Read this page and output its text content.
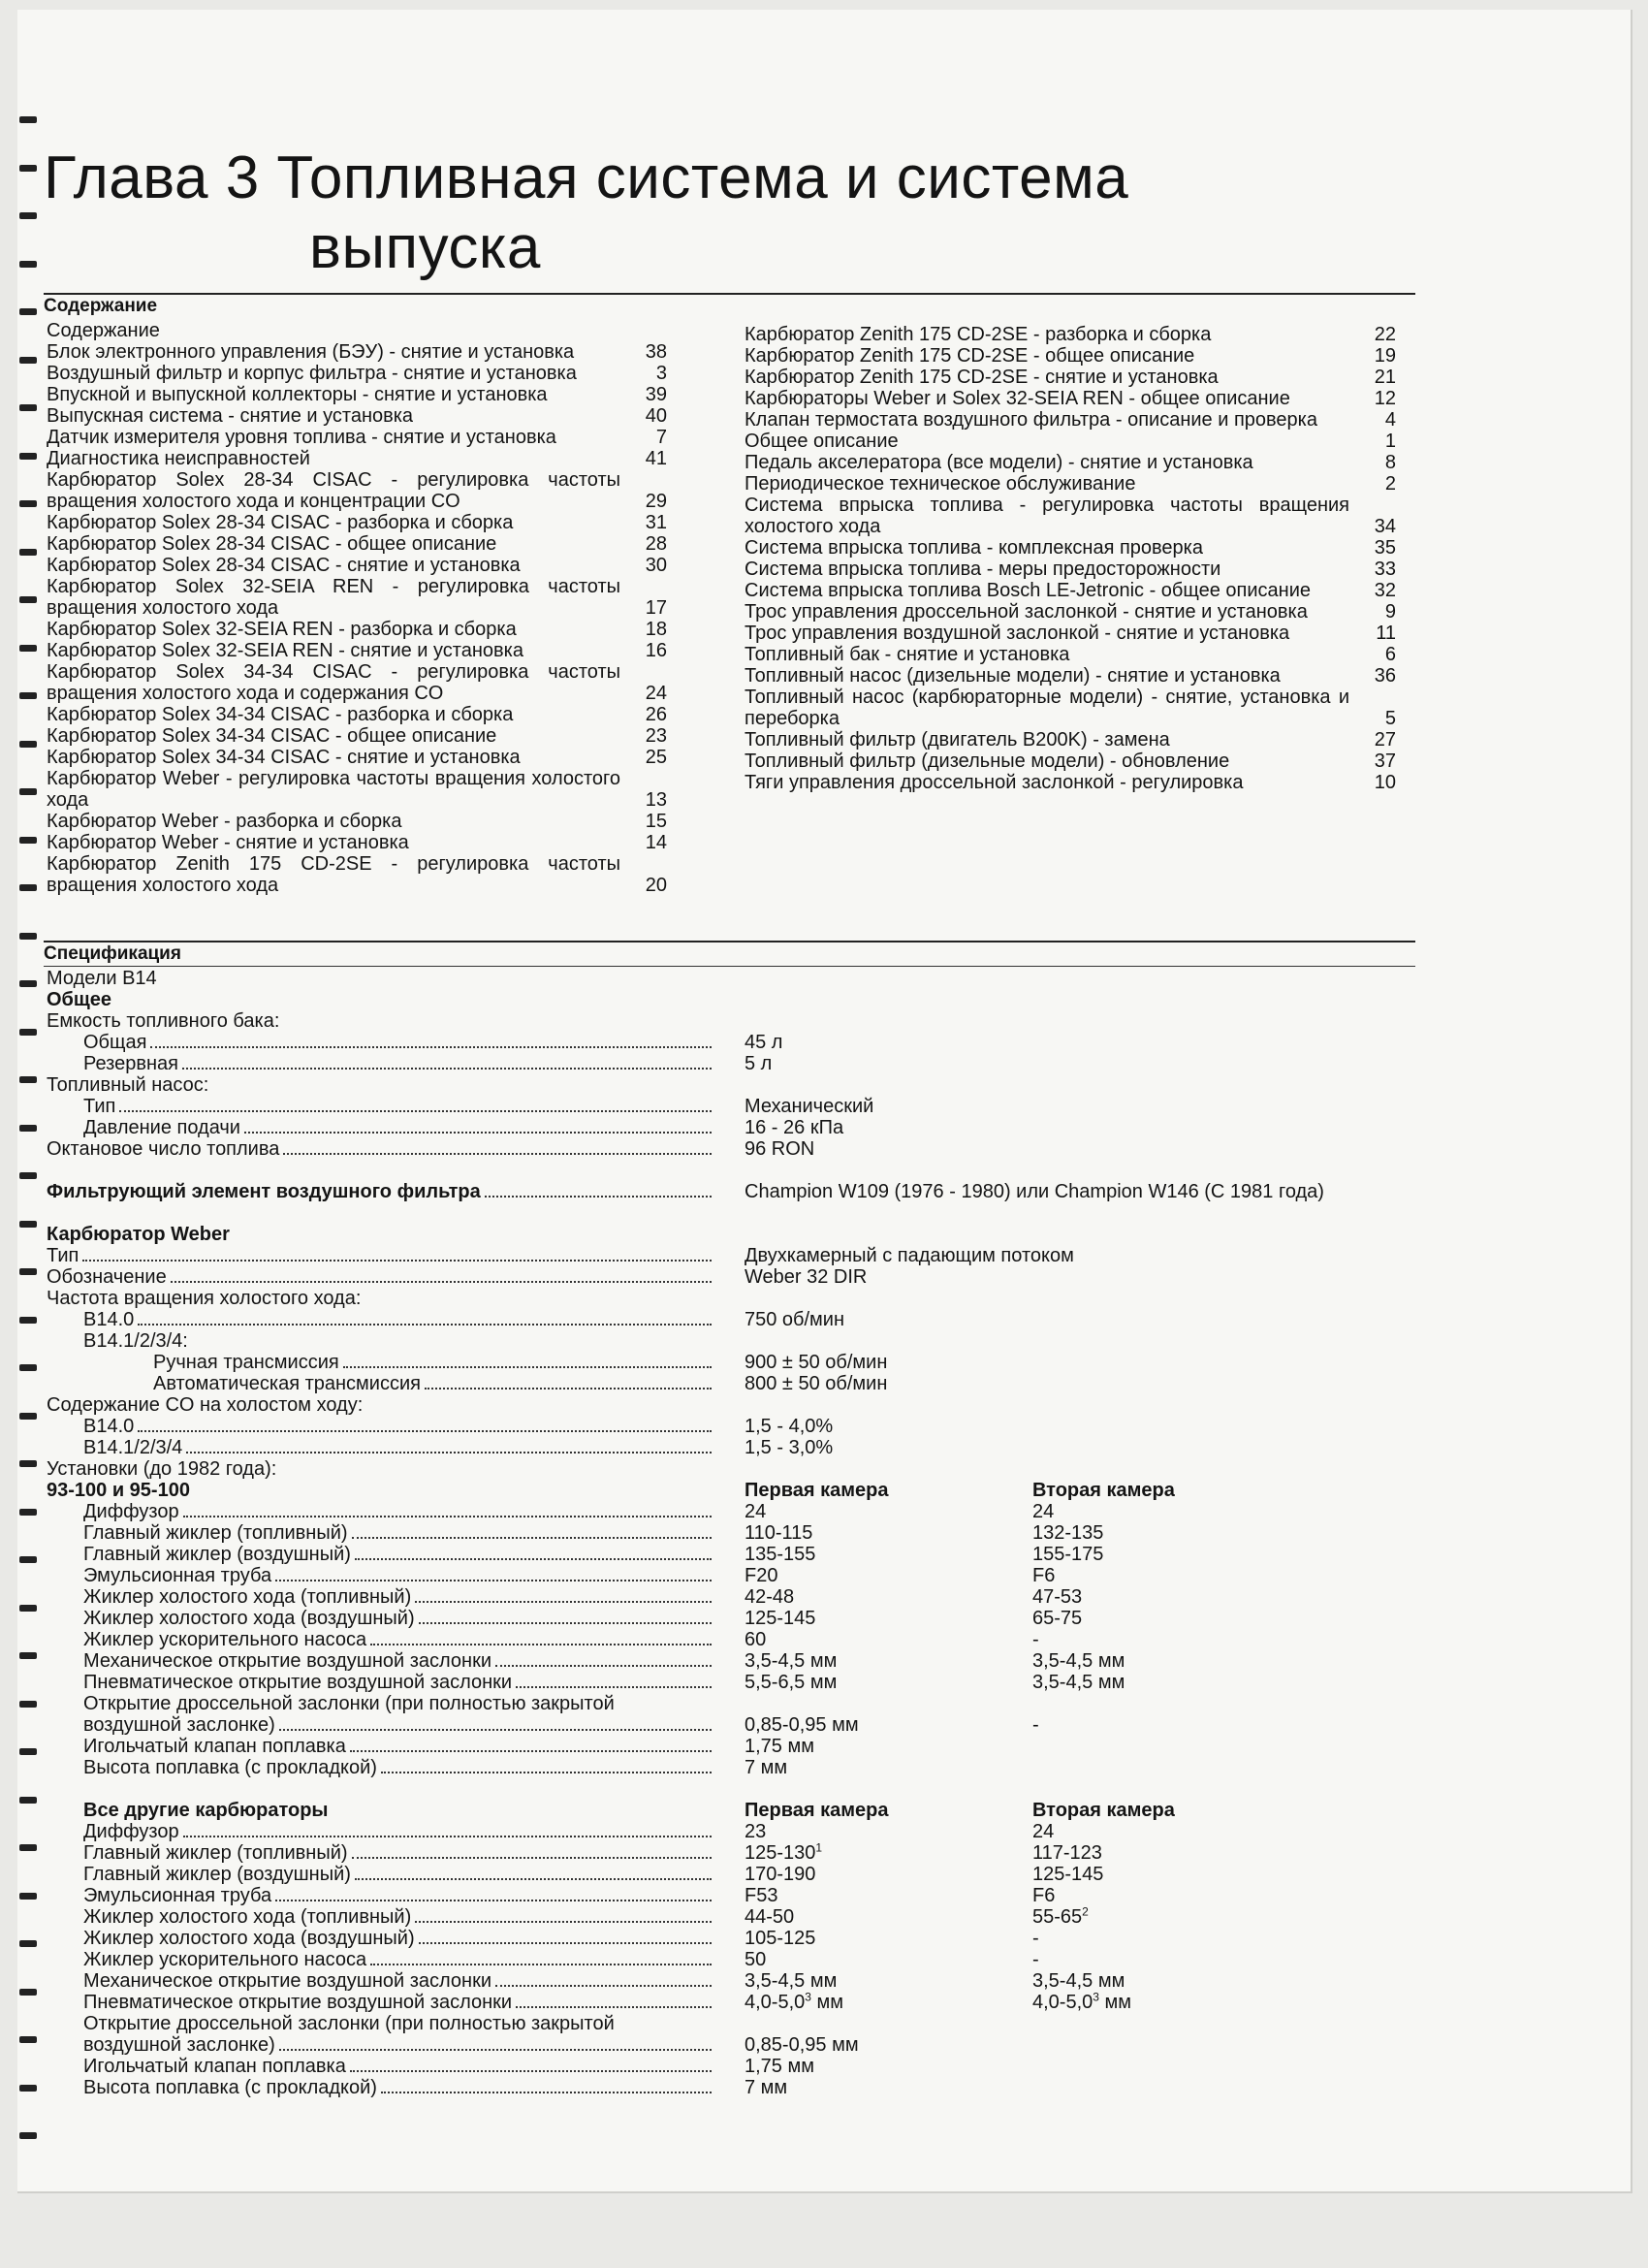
Глава 3 Топливная система и система
выпуска
Содержание
Содержание
Блок электронного управления (БЭУ) - снятие и установка	38
Воздушный фильтр и корпус фильтра - снятие и установка	3
Впускной и выпускной коллекторы - снятие и установка	39
Выпускная система - снятие и установка	40
Датчик измерителя уровня топлива - снятие и установка	7
Диагностика неисправностей	41
Карбюратор Solex 28-34 CISAC - регулировка частоты вращения холостого хода и концентрации CO	29
Карбюратор Solex 28-34 CISAC - разборка и сборка	31
Карбюратор Solex 28-34 CISAC - общее описание	28
Карбюратор Solex 28-34 CISAC - снятие и установка	30
Карбюратор Solex 32-SEIA REN - регулировка частоты вращения холостого хода	17
Карбюратор Solex 32-SEIA REN - разборка и сборка	18
Карбюратор Solex 32-SEIA REN - снятие и установка	16
Карбюратор Solex 34-34 CISAC - регулировка частоты вращения холостого хода и содержания CO	24
Карбюратор Solex 34-34 CISAC - разборка и сборка	26
Карбюратор Solex 34-34 CISAC - общее описание	23
Карбюратор Solex 34-34 CISAC - снятие и установка	25
Карбюратор Weber - регулировка частоты вращения холостого хода	13
Карбюратор Weber - разборка и сборка	15
Карбюратор Weber - снятие и установка	14
Карбюратор Zenith 175 CD-2SE - регулировка частоты вращения холостого хода	20
Карбюратор Zenith 175 CD-2SE - разборка и сборка	22
Карбюратор Zenith 175 CD-2SE - общее описание	19
Карбюратор Zenith 175 CD-2SE - снятие и установка	21
Карбюраторы Weber и Solex 32-SEIA REN - общее описание	12
Клапан термостата воздушного фильтра - описание и проверка	4
Общее описание	1
Педаль акселератора (все модели) - снятие и установка	8
Периодическое техническое обслуживание	2
Система впрыска топлива - регулировка частоты вращения холостого хода	34
Система впрыска топлива - комплексная проверка	35
Система впрыска топлива - меры предосторожности	33
Система впрыска топлива Bosch LE-Jetronic - общее описание	32
Трос управления дроссельной заслонкой - снятие и установка	9
Трос управления воздушной заслонкой - снятие и установка	11
Топливный бак - снятие и установка	6
Топливный насос (дизельные модели) - снятие и установка	36
Топливный насос (карбюраторные модели) - снятие, установка и переборка	5
Топливный фильтр (двигатель B200K) - замена	27
Топливный фильтр (дизельные модели) - обновление	37
Тяги управления дроссельной заслонкой - регулировка	10
Спецификация
Модели B14
Общее
Емкость топливного бака:
Общая	45 л
Резервная	5 л
Топливный насос:
Тип	Механический
Давление подачи	16 - 26 кПа
Октановое число топлива	96 RON
Фильтрующий элемент воздушного фильтра	Champion W109 (1976 - 1980) или Champion W146 (C 1981 года)
Карбюратор Weber
Тип	Двухкамерный с падающим потоком
Обозначение	Weber 32 DIR
Частота вращения холостого хода:
B14.0	750 об/мин
B14.1/2/3/4:
Ручная трансмиссия	900 ± 50 об/мин
Автоматическая трансмиссия	800 ± 50 об/мин
Содержание CO на холостом ходу:
B14.0	1,5 - 4,0%
B14.1/2/3/4	1,5 - 3,0%
Установки (до 1982 года):
93-100 и 95-100	Первая камера	Вторая камера
Диффузор	24	24
Главный жиклер (топливный)	110-115	132-135
Главный жиклер (воздушный)	135-155	155-175
Эмульсионная труба	F20	F6
Жиклер холостого хода (топливный)	42-48	47-53
Жиклер холостого хода (воздушный)	125-145	65-75
Жиклер ускорительного насоса	60	-
Механическое открытие воздушной заслонки	3,5-4,5 мм	3,5-4,5 мм
Пневматическое открытие воздушной заслонки	5,5-6,5 мм	3,5-4,5 мм
Открытие дроссельной заслонки (при полностью закрытой
воздушной заслонке)	0,85-0,95 мм	-
Игольчатый клапан поплавка	1,75 мм
Высота поплавка (с прокладкой)	7 мм
Все другие карбюраторы	Первая камера	Вторая камера
Диффузор	23	24
Главный жиклер (топливный)	$125-130^1$	117-123
Главный жиклер (воздушный)	170-190	125-145
Эмульсионная труба	F53	F6
Жиклер холостого хода (топливный)	44-50	$55-65^2$
Жиклер холостого хода (воздушный)	105-125	-
Жиклер ускорительного насоса	50	-
Механическое открытие воздушной заслонки	3,5-4,5 мм	3,5-4,5 мм
Пневматическое открытие воздушной заслонки	$4,0-5,0^3$ мм	$4,0-5,0^3$ мм
Открытие дроссельной заслонки (при полностью закрытой
воздушной заслонке)	0,85-0,95 мм
Игольчатый клапан поплавка	1,75 мм
Высота поплавка (с прокладкой)	7 мм
